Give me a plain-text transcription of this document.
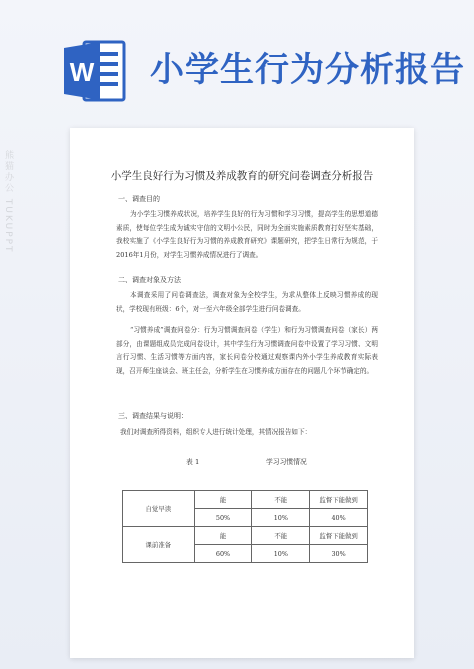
W 小学生行为分析报告
熊猫办公 TUKUPPT	小学生良好行为习惯及养成教育的研究问卷调查分析报告
一、调查目的
为小学生习惯养成状况，培养学生良好的行为习惯和学习习惯，提高学生的思想道德素质，使每位学生成为诚实守信的文明小公民，同时为全面实施素质教育打好坚实基础，我校实施了《小学生良好行为习惯的养成教育研究》课题研究，把学生日常行为规范，于2016年1月份，对学生习惯养成情况进行了调查。
二、调查对象及方法
本调查采用了问卷调查法，调查对象为全校学生，为求从整体上反映习惯养成的现状，学校现有班级：6个，对一至六年级全部学生进行问卷调查。
“习惯养成”调查问卷分：行为习惯调查问卷（学生）和行为习惯调查问卷（家长）两部分，由课题组成员完成问卷设计，其中学生行为习惯调查问卷中设置了学习习惯、文明言行习惯、生活习惯等方面内容，家长问卷分校通过观察课内外小学生养成教育实际表现，召开师生座谈会、班主任会，分析学生在习惯养成方面存在的问题几个环节确定的。
三、调查结果与说明：
我们对调查所得资料，组织专人进行统计处理，其情况报告如下：
表 1	学习习惯情况
自觉早读	能	不能	监督下能做到
	50%	10%	40%
课前准备	能	不能	监督下能做到
	60%	10%	30%
